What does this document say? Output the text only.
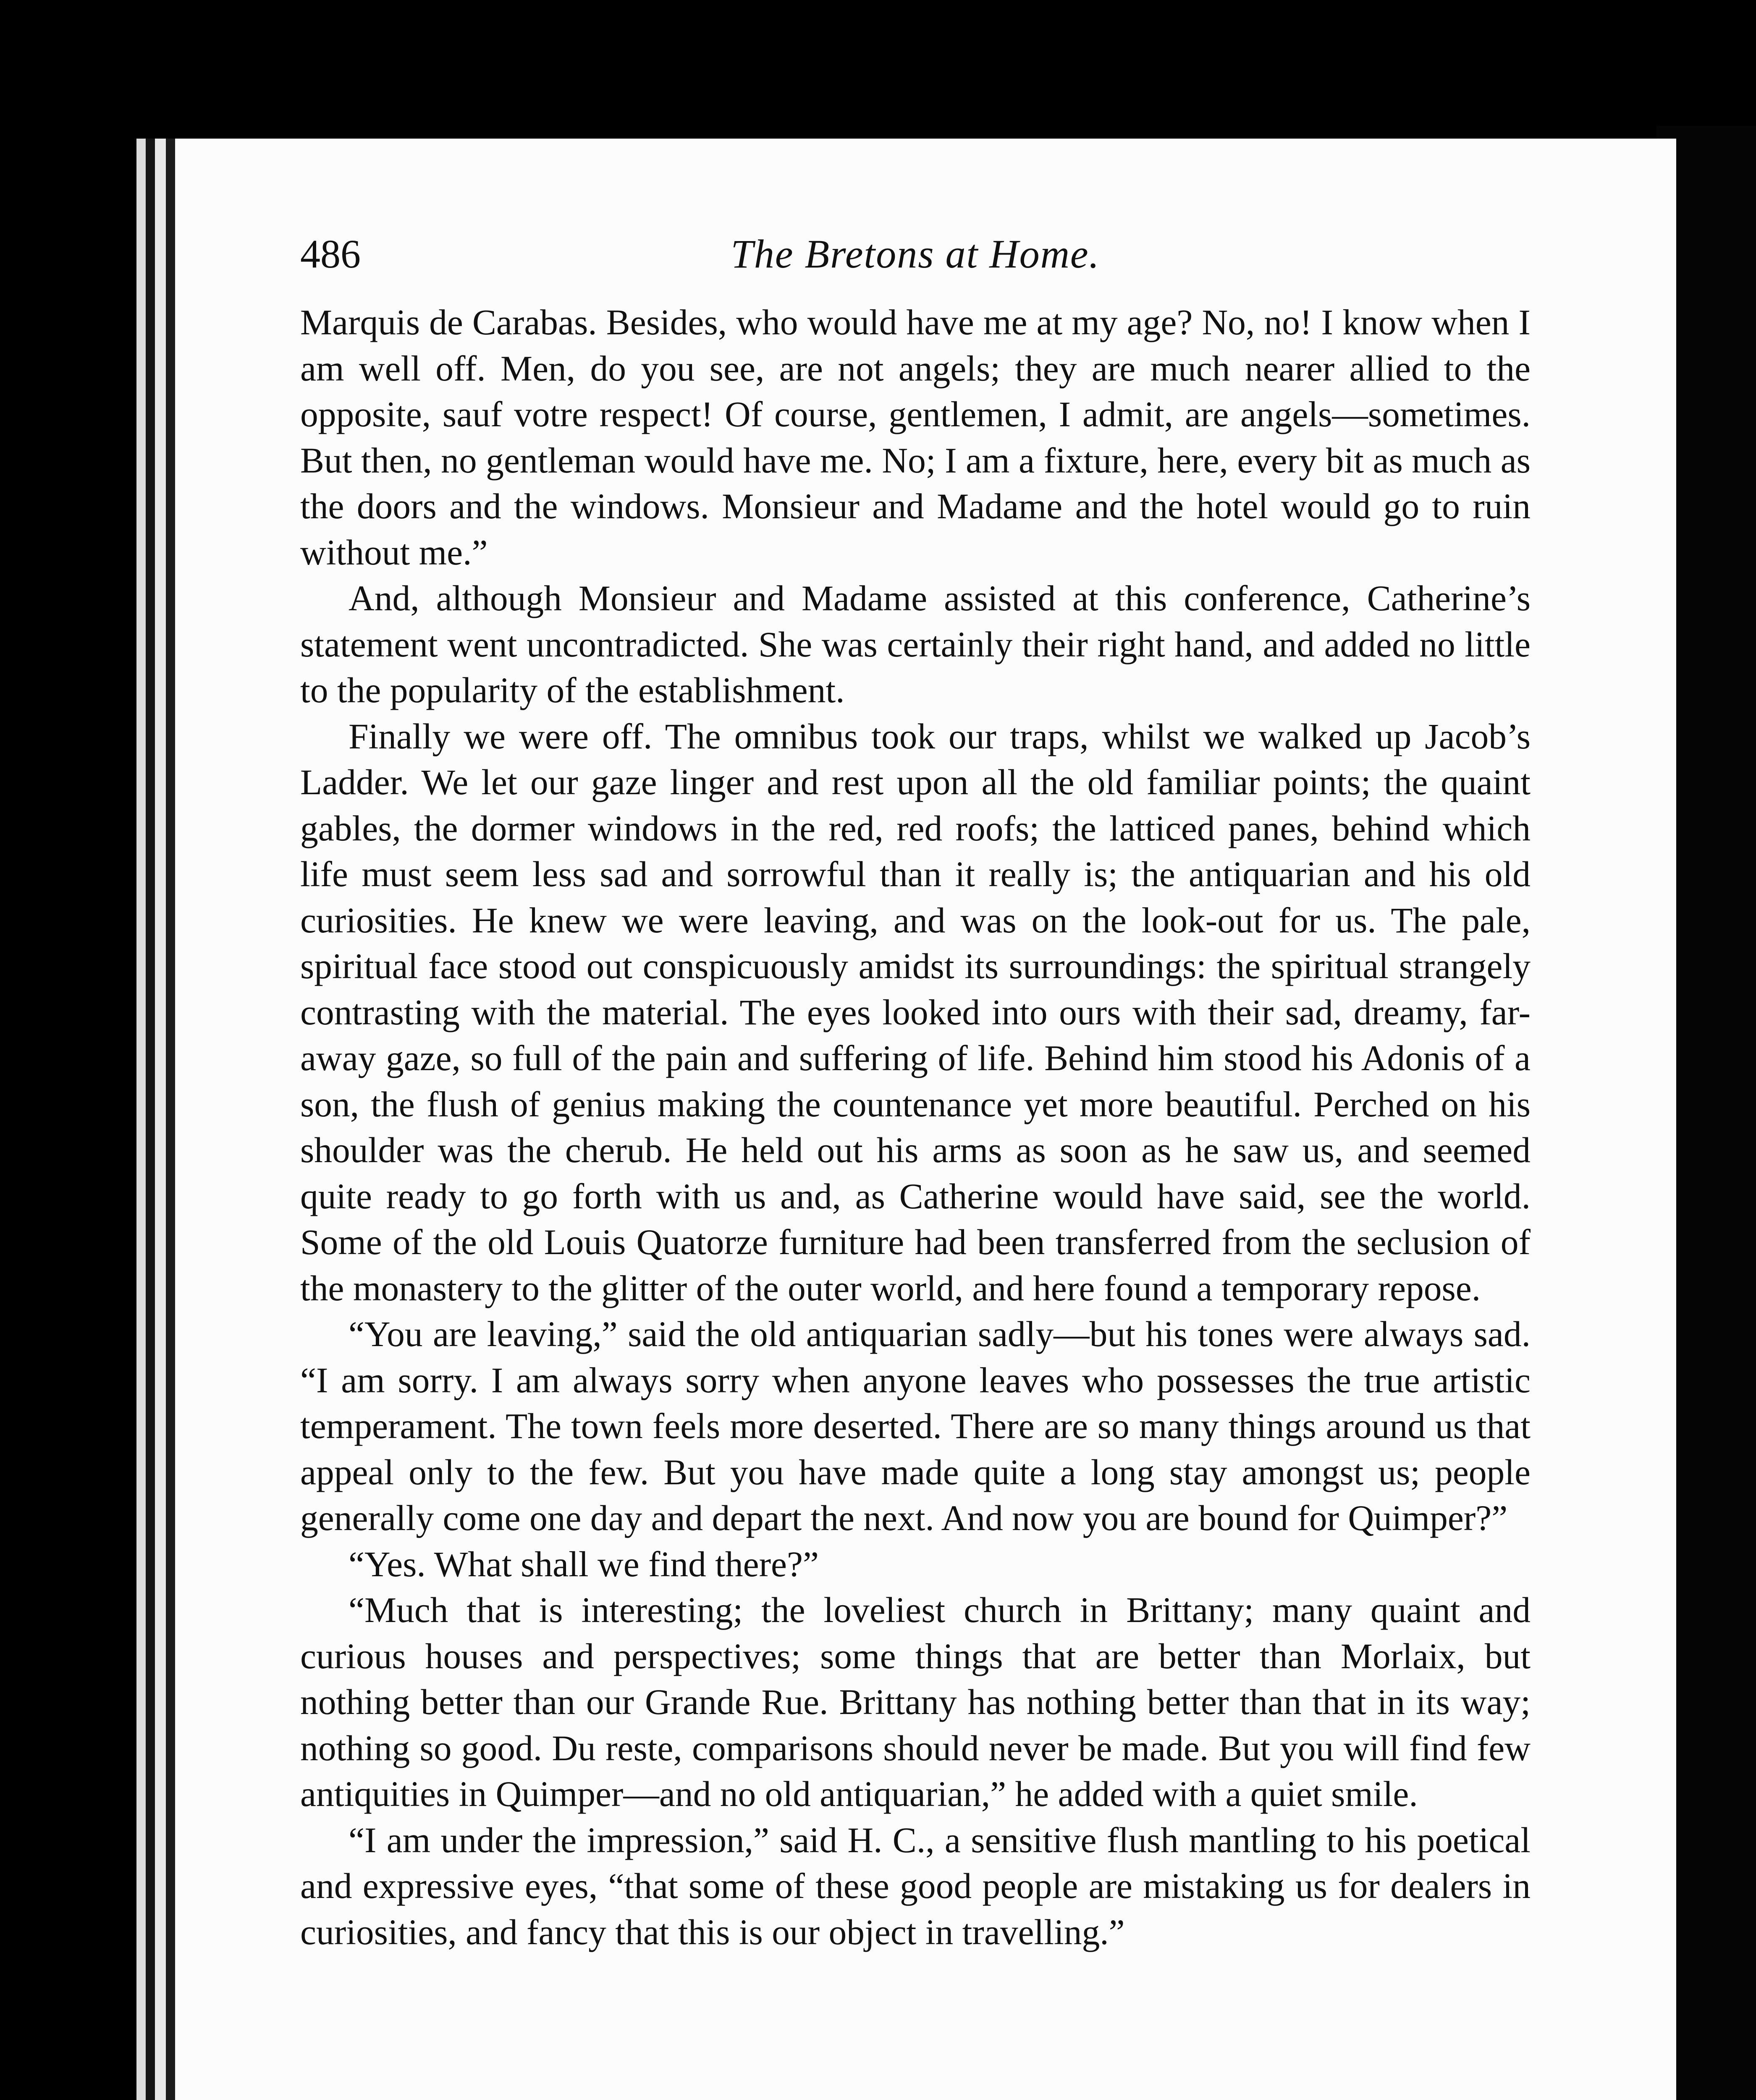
486	The Bretons at Home.

Marquis de Carabas. Besides, who would have me at my age? No, no! I know when I am well off. Men, do you see, are not angels; they are much nearer allied to the opposite, sauf votre respect! Of course, gentlemen, I admit, are angels—sometimes. But then, no gentleman would have me. No; I am a fixture, here, every bit as much as the doors and the windows. Monsieur and Madame and the hotel would go to ruin without me.”

And, although Monsieur and Madame assisted at this conference, Catherine’s statement went uncontradicted. She was certainly their right hand, and added no little to the popularity of the establishment.

Finally we were off. The omnibus took our traps, whilst we walked up Jacob’s Ladder. We let our gaze linger and rest upon all the old familiar points; the quaint gables, the dormer windows in the red, red roofs; the latticed panes, behind which life must seem less sad and sorrowful than it really is; the antiquarian and his old curiosities. He knew we were leaving, and was on the look-out for us. The pale, spiritual face stood out conspicuously amidst its surroundings: the spiritual strangely contrasting with the material. The eyes looked into ours with their sad, dreamy, far-away gaze, so full of the pain and suffering of life. Behind him stood his Adonis of a son, the flush of genius making the countenance yet more beautiful. Perched on his shoulder was the cherub. He held out his arms as soon as he saw us, and seemed quite ready to go forth with us and, as Catherine would have said, see the world. Some of the old Louis Quatorze furniture had been transferred from the seclusion of the monastery to the glitter of the outer world, and here found a temporary repose.

“You are leaving,” said the old antiquarian sadly—but his tones were always sad. “I am sorry. I am always sorry when anyone leaves who possesses the true artistic temperament. The town feels more deserted. There are so many things around us that appeal only to the few. But you have made quite a long stay amongst us; people generally come one day and depart the next. And now you are bound for Quimper?”

“Yes. What shall we find there?”

“Much that is interesting; the loveliest church in Brittany; many quaint and curious houses and perspectives; some things that are better than Morlaix, but nothing better than our Grande Rue. Brittany has nothing better than that in its way; nothing so good. Du reste, comparisons should never be made. But you will find few antiquities in Quimper—and no old antiquarian,” he added with a quiet smile.

“I am under the impression,” said H. C., a sensitive flush mantling to his poetical and expressive eyes, “that some of these good people are mistaking us for dealers in curiosities, and fancy that this is our object in travelling.”
